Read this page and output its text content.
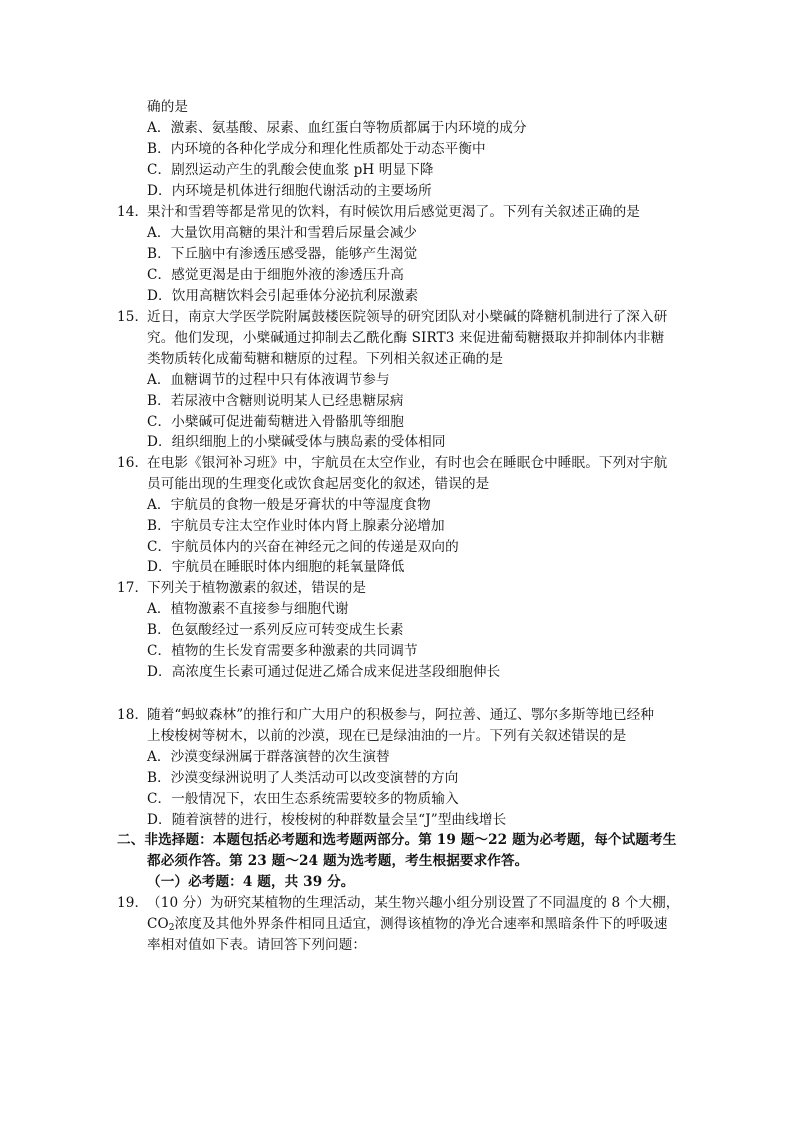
确的是
A．激素、氨基酸、尿素、血红蛋白等物质都属于内环境的成分
B．内环境的各种化学成分和理化性质都处于动态平衡中
C．剧烈运动产生的乳酸会使血浆 pH 明显下降
D．内环境是机体进行细胞代谢活动的主要场所
14．
果汁和雪碧等都是常见的饮料，有时候饮用后感觉更渴了。下列有关叙述正确的是
A．大量饮用高糖的果汁和雪碧后尿量会减少
B．下丘脑中有渗透压感受器，能够产生渴觉
C．感觉更渴是由于细胞外液的渗透压升高
D．饮用高糖饮料会引起垂体分泌抗利尿激素
15．
近日，南京大学医学院附属鼓楼医院领导的研究团队对小檗碱的降糖机制进行了深入研
究。他们发现，小檗碱通过抑制去乙酰化酶 SIRT3 来促进葡萄糖摄取并抑制体内非糖
类物质转化成葡萄糖和糖原的过程。下列相关叙述正确的是
A．血糖调节的过程中只有体液调节参与
B．若尿液中含糖则说明某人已经患糖尿病
C．小檗碱可促进葡萄糖进入骨骼肌等细胞
D．组织细胞上的小檗碱受体与胰岛素的受体相同
16．
在电影《银河补习班》中，宇航员在太空作业，有时也会在睡眠仓中睡眠。下列对宇航
员可能出现的生理变化或饮食起居变化的叙述，错误的是
A．宇航员的食物一般是牙膏状的中等湿度食物
B．宇航员专注太空作业时体内肾上腺素分泌增加
C．宇航员体内的兴奋在神经元之间的传递是双向的
D．宇航员在睡眠时体内细胞的耗氧量降低
17．
下列关于植物激素的叙述，错误的是
A．植物激素不直接参与细胞代谢
B．色氨酸经过一系列反应可转变成生长素
C．植物的生长发育需要多种激素的共同调节
D．高浓度生长素可通过促进乙烯合成来促进茎段细胞伸长
18．
随着“蚂蚁森林”的推行和广大用户的积极参与，阿拉善、通辽、鄂尔多斯等地已经种
上梭梭树等树木，以前的沙漠，现在已是绿油油的一片。下列有关叙述错误的是
A．沙漠变绿洲属于群落演替的次生演替
B．沙漠变绿洲说明了人类活动可以改变演替的方向
C．一般情况下，农田生态系统需要较多的物质输入
D．随着演替的进行，梭梭树的种群数量会呈“J”型曲线增长
二、非选择题：本题包括必考题和选考题两部分。第 19 题～22 题为必考题，每个试题考生
都必须作答。第 23 题～24 题为选考题，考生根据要求作答。
（一）必考题：4 题，共 39 分。
19．
（10 分）为研究某植物的生理活动，某生物兴趣小组分别设置了不同温度的 8 个大棚，
$CO_2$浓度及其他外界条件相同且适宜，测得该植物的净光合速率和黑暗条件下的呼吸速
率相对值如下表。请回答下列问题：
